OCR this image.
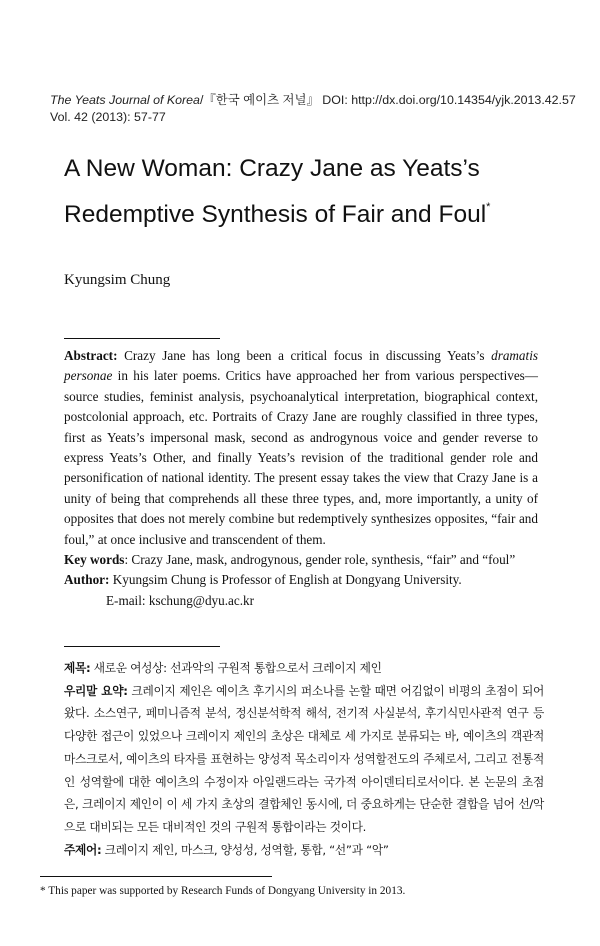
The Yeats Journal of Korea/『한국 예이츠 저널』 DOI: http://dx.doi.org/10.14354/yjk.2013.42.57
Vol. 42 (2013): 57-77
A New Woman: Crazy Jane as Yeats’s
Redemptive Synthesis of Fair and Foul*
Kyungsim Chung

Abstract: Crazy Jane has long been a critical focus in discussing Yeats’s dramatis personae in his later poems. Critics have approached her from various perspectives—source studies, feminist analysis, psychoanalytical interpretation, biographical context, postcolonial approach, etc. Portraits of Crazy Jane are roughly classified in three types, first as Yeats’s impersonal mask, second as androgynous voice and gender reverse to express Yeats’s Other, and finally Yeats’s revision of the traditional gender role and personification of national identity. The present essay takes the view that Crazy Jane is a unity of being that comprehends all these three types, and, more importantly, a unity of opposites that does not merely combine but redemptively synthesizes opposites, “fair and foul,” at once inclusive and transcendent of them.

Key words: Crazy Jane, mask, androgynous, gender role, synthesis, “fair” and “foul”

Author: Kyungsim Chung is Professor of English at Dongyang University.

E-mail: kschung@dyu.ac.kr

제목: 새로운 여성상: 선과악의 구원적 통합으로서 크레이지 제인

우리말 요약: 크레이지 제인은 예이츠 후기시의 퍼소나를 논할 때면 어김없이 비평의 초점이 되어 왔다. 소스연구, 페미니즘적 분석, 정신분석학적 해석, 전기적 사실분석, 후기식민사관적 연구 등 다양한 접근이 있었으나 크레이지 제인의 초상은 대체로 세 가지로 분류되는 바, 예이츠의 객관적 마스크로서, 예이츠의 타자를 표현하는 양성적 목소리이자 성역할전도의 주체로서, 그리고 전통적인 성역할에 대한 예이츠의 수정이자 아일랜드라는 국가적 아이덴티티로서이다. 본 논문의 초점은, 크레이지 제인이 이 세 가지 초상의 결합체인 동시에, 더 중요하게는 단순한 결합을 넘어 선/악으로 대비되는 모든 대비적인 것의 구원적 통합이라는 것이다.

주제어: 크레이지 제인, 마스크, 양성성, 성역할, 통합, “선”과 “악”

* This paper was supported by Research Funds of Dongyang University in 2013.
